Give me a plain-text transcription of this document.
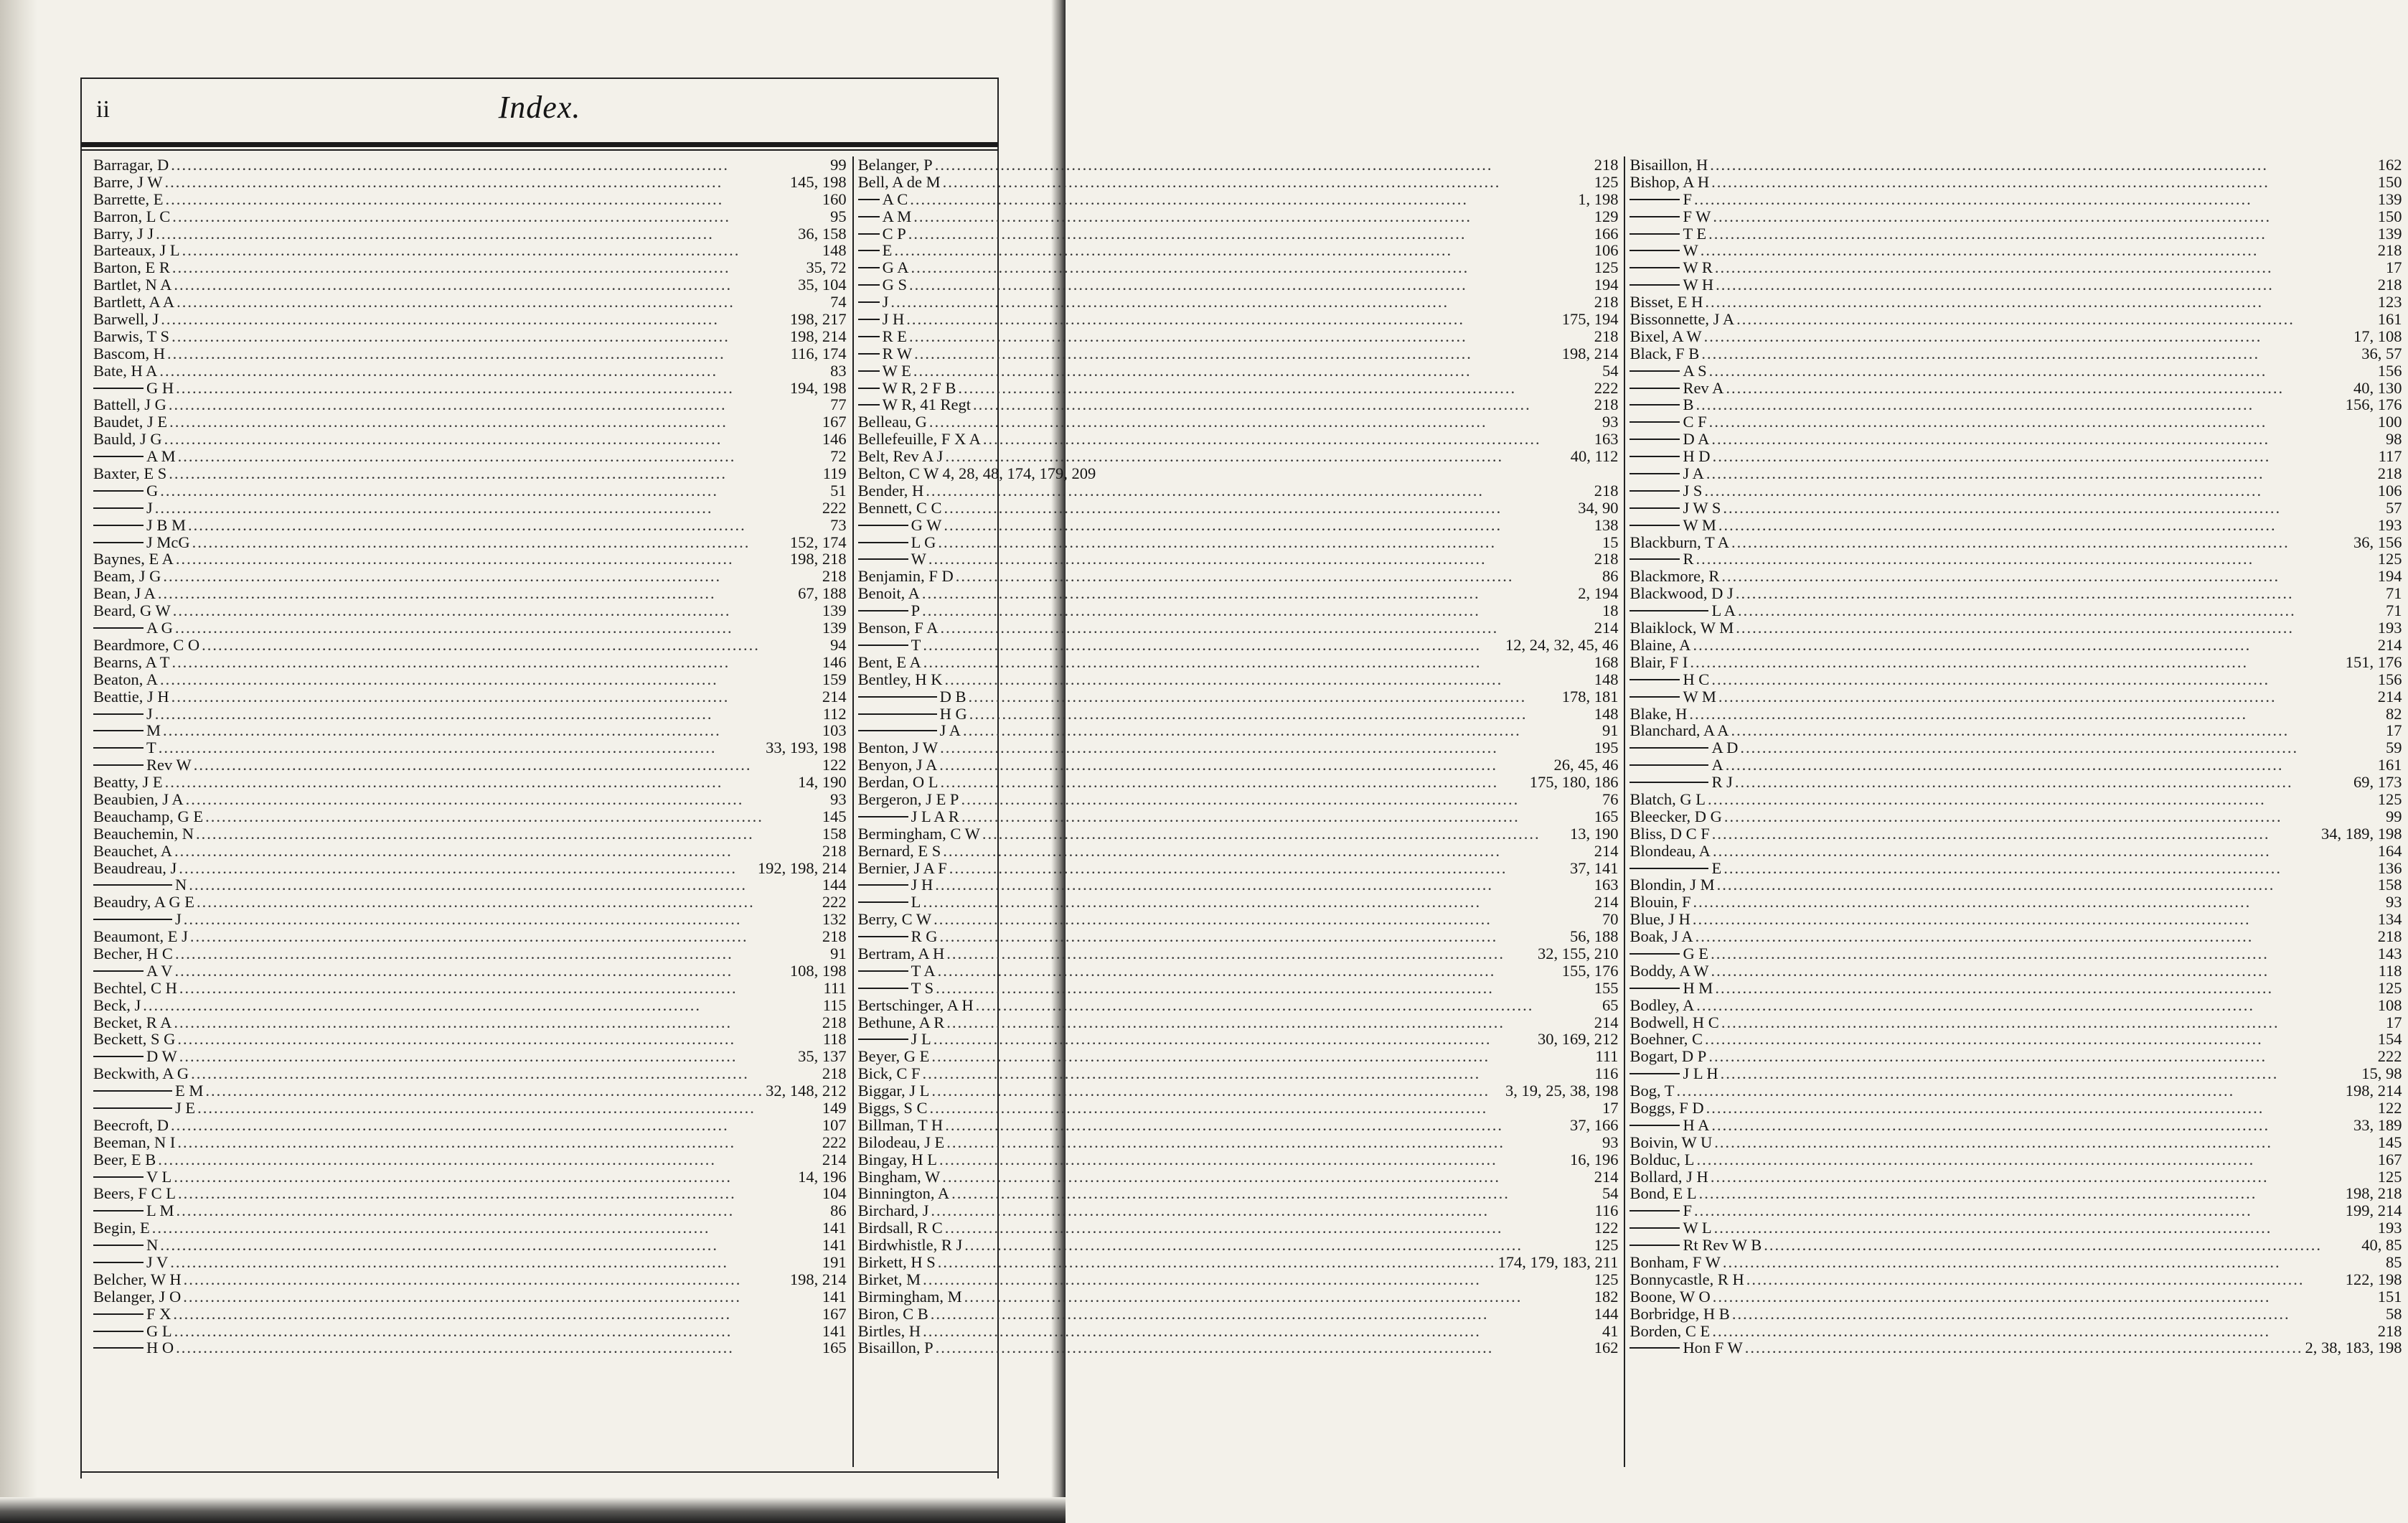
ii	Index.
Barragar, D .....	99
Barre, J W .....	145, 198
Barrette, E .....	160
Barron, L C .....	95
Barry, J J .....	36, 158
Barteaux, J L .....	148
Barton, E R .....	35, 72
Bartlet, N A .....	35, 104
Bartlett, A A .....	74
Barwell, J .....	198, 217
Barwis, T S .....	198, 214
Bascom, H .....	116, 174
Bate, H A .....	83
G H .....	194, 198
Battell, J G .....	77
Baudet, J E .....	167
Bauld, J G .....	146
A M .....	72
Baxter, E S .....	119
G .....	51
J .....	222
J B M .....	73
J McG .....	152, 174
Baynes, E A .....	198, 218
Beam, J G .....	218
Bean, J A .....	67, 188
Beard, G W .....	139
A G .....	139
Beardmore, C O .....	94
Bearns, A T .....	146
Beaton, A .....	159
Beattie, J H .....	214
J .....	112
M .....	103
T .....	33, 193, 198
Rev W .....	122
Beatty, J E .....	14, 190
Beaubien, J A .....	93
Beauchamp, G E .....	145
Beauchemin, N .....	158
Beauchet, A .....	218
Beaudreau, J .....	192, 198, 214
N .....	144
Beaudry, A G E .....	222
J .....	132
Beaumont, E J .....	218
Becher, H C .....	91
A V .....	108, 198
Bechtel, C H .....	111
Beck, J .....	115
Becket, R A .....	218
Beckett, S G .....	118
D W .....	35, 137
Beckwith, A G .....	218
E M .....	32, 148, 212
J E .....	149
Beecroft, D .....	107
Beeman, N I .....	222
Beer, E B .....	214
V L .....	14, 196
Beers, F C L .....	104
L M .....	86
Begin, E .....	141
N .....	141
J V .....	191
Belcher, W H .....	198, 214
Belanger, J O .....	141
F X .....	167
G L .....	141
H O .....	165
Belanger, P .....	218
Bell, A de M .....	125
A C .....	1, 198
A M .....	129
C P .....	166
E .....	106
G A .....	125
G S .....	194
J .....	218
J H .....	175, 194
R E .....	218
R W .....	198, 214
W E .....	54
W R, 2 F B .....	222
W R, 41 Regt .....	218
Belleau, G .....	93
Bellefeuille, F X A .....	163
Belt, Rev A J .....	40, 112
Belton, C W 4, 28, 48, 174, 179, 209
Bender, H .....	218
Bennett, C C .....	34, 90
G W .....	138
L G .....	15
W .....	218
Benjamin, F D .....	86
Benoit, A .....	2, 194
P .....	18
Benson, F A .....	214
T .....	12, 24, 32, 45, 46
Bent, E A .....	168
Bentley, H K .....	148
D B .....	178, 181
H G .....	148
J A .....	91
Benton, J W .....	195
Benyon, J A .....	26, 45, 46
Berdan, O L .....	175, 180, 186
Bergeron, J E P .....	76
J L A R .....	165
Bermingham, C W .....	13, 190
Bernard, E S .....	214
Bernier, J A F .....	37, 141
J H .....	163
L .....	214
Berry, C W .....	70
R G .....	56, 188
Bertram, A H .....	32, 155, 210
T A .....	155, 176
T S .....	155
Bertschinger, A H .....	65
Bethune, A R .....	214
J L .....	30, 169, 212
Beyer, G E .....	111
Bick, C F .....	116
Biggar, J L .....	3, 19, 25, 38, 198
Biggs, S C .....	17
Billman, T H .....	37, 166
Bilodeau, J E .....	93
Bingay, H L .....	16, 196
Bingham, W .....	214
Binnington, A .....	54
Birchard, J .....	116
Birdsall, R C .....	122
Birdwhistle, R J .....	125
Birkett, H S .....	174, 179, 183, 211
Birket, M .....	125
Birmingham, M .....	182
Biron, C B .....	144
Birtles, H .....	41
Bisaillon, P .....	162
Bisaillon, H .....	162
Bishop, A H .....	150
F .....	139
F W .....	150
T E .....	139
W .....	218
W R .....	17
W H .....	218
Bisset, E H .....	123
Bissonnette, J A .....	161
Bixel, A W .....	17, 108
Black, F B .....	36, 57
A S .....	156
Rev A .....	40, 130
B .....	156, 176
C F .....	100
D A .....	98
H D .....	117
J A .....	218
J S .....	106
J W S .....	57
W M .....	193
Blackburn, T A .....	36, 156
R .....	125
Blackmore, R .....	194
Blackwood, D J .....	71
L A .....	71
Blaiklock, W M .....	193
Blaine, A .....	214
Blair, F I .....	151, 176
H C .....	156
W M .....	214
Blake, H .....	82
Blanchard, A A .....	17
A D .....	59
A .....	161
R J .....	69, 173
Blatch, G L .....	125
Bleecker, D G .....	99
Bliss, D C F .....	34, 189, 198
Blondeau, A .....	164
E .....	136
Blondin, J M .....	158
Blouin, F .....	93
Blue, J H .....	134
Boak, J A .....	218
G E .....	143
Boddy, A W .....	118
H M .....	125
Bodley, A .....	108
Bodwell, H C .....	17
Boehner, C .....	154
Bogart, D P .....	222
J L H .....	15, 98
Bog, T .....	198, 214
Boggs, F D .....	122
H A .....	33, 189
Boivin, W U .....	145
Bolduc, L .....	167
Bollard, J H .....	125
Bond, E L .....	198, 218
F .....	199, 214
W L .....	193
Rt Rev W B .....	40, 85
Bonham, F W .....	85
Bonnycastle, R H .....	122, 198
Boone, W O .....	151
Borbridge, H B .....	58
Borden, C E .....	218
Hon F W .....	2, 38, 183, 198
